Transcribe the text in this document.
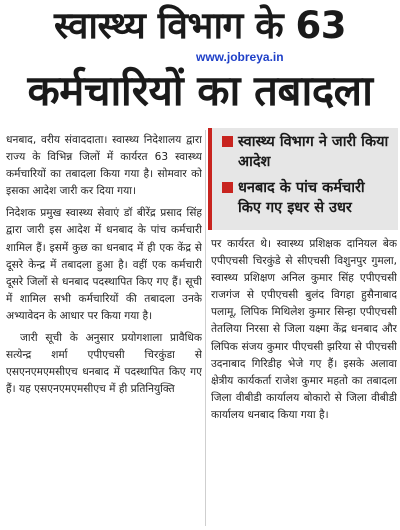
स्वास्थ्य विभाग के 63
www.jobreya.in
कर्मचारियों का तबादला

धनबाद, वरीय संवाददाता। स्वास्थ्य निदेशालय द्वारा राज्य के विभिन्न जिलों में कार्यरत 63 स्वास्थ्य कर्मचारियों का तबादला किया गया है। सोमवार को इसका आदेश जारी कर दिया गया।

निदेशक प्रमुख स्वास्थ्य सेवाएं डॉ बीरेंद्र प्रसाद सिंह द्वारा जारी इस आदेश में धनबाद के पांच कर्मचारी शामिल हैं। इसमें कुछ का धनबाद में ही एक केंद्र से दूसरे केन्द्र में तबादला हुआ है। वहीं एक कर्मचारी दूसरे जिलों से धनबाद पदस्थापित किए गए हैं। सूची में शामिल सभी कर्मचारियों की तबादला उनके अभ्यावेदन के आधार पर किया गया है।

जारी सूची के अनुसार प्रयोगशाला प्रावैधिक सत्येन्द्र शर्मा एपीएचसी चिरकुंडा से एसएनएमएमसीएच धनबाद में पदस्थापित किए गए हैं। यह एसएनएमएमसीएच में ही प्रतिनियुक्ति

स्वास्थ्य विभाग ने जारी किया आदेश
धनबाद के पांच कर्मचारी किए गए इधर से उधर

पर कार्यरत थे। स्वास्थ्य प्रशिक्षक दानियल बेक एपीएचसी चिरकुंडे से सीएचसी विशुनपुर गुमला, स्वास्थ्य प्रशिक्षण अनिल कुमार सिंह एपीएचसी राजगंज से एपीएचसी बुलंद विगहा हुसैनाबाद पलामू, लिपिक मिथिलेश कुमार सिन्हा एपीएचसी तेतलिया निरसा से जिला यक्ष्मा केंद्र धनबाद और लिपिक संजय कुमार पीएचसी झरिया से पीएचसी उदनाबाद गिरिडीह भेजे गए हैं। इसके अलावा क्षेत्रीय कार्यकर्ता राजेश कुमार महतो का तबादला जिला वीबीडी कार्यालय बोकारो से जिला वीबीडी कार्यालय धनबाद किया गया है।
